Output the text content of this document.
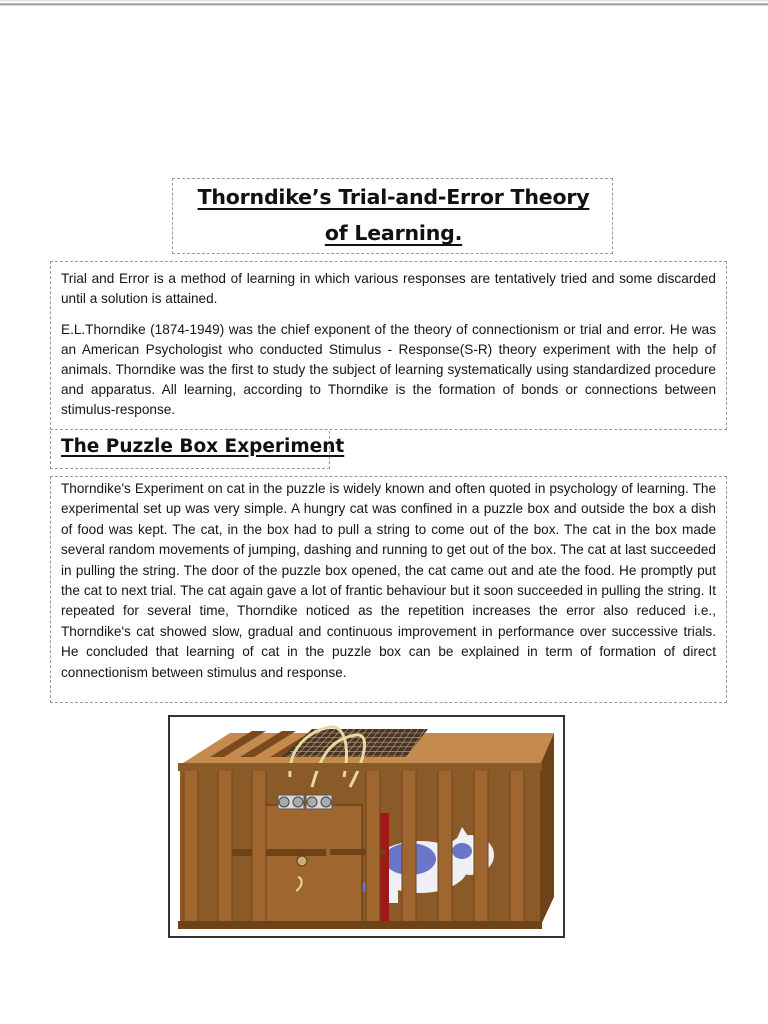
Thorndike’s Trial-and-Error Theory
of Learning.

Trial and Error is a method of learning in which various responses are tentatively tried and some discarded until a solution is attained.

E.L.Thorndike (1874-1949) was the chief exponent of the theory of connectionism or trial and error. He was an American Psychologist who conducted Stimulus - Response(S-R) theory experiment with the help of animals. Thorndike was the first to study the subject of learning systematically using standardized procedure and apparatus. All learning, according to Thorndike is the formation of bonds or connections between stimulus-response.

The Puzzle Box Experiment

Thorndike's Experiment on cat in the puzzle is widely known and often quoted in psychology of learning. The experimental set up was very simple. A hungry cat was confined in a puzzle box and outside the box a dish of food was kept. The cat, in the box had to pull a string to come out of the box. The cat in the box made several random movements of jumping, dashing and running to get out of the box. The cat at last succeeded in pulling the string. The door of the puzzle box opened, the cat came out and ate the food. He promptly put the cat to next trial. The cat again gave a lot of frantic behaviour but it soon succeeded in pulling the string. It repeated for several time, Thorndike noticed as the repetition increases the error also reduced i.e., Thorndike's cat showed slow, gradual and continuous improvement in performance over successive trials. He concluded that learning of cat in the puzzle box can be explained in term of formation of direct connectionism between stimulus and response.
